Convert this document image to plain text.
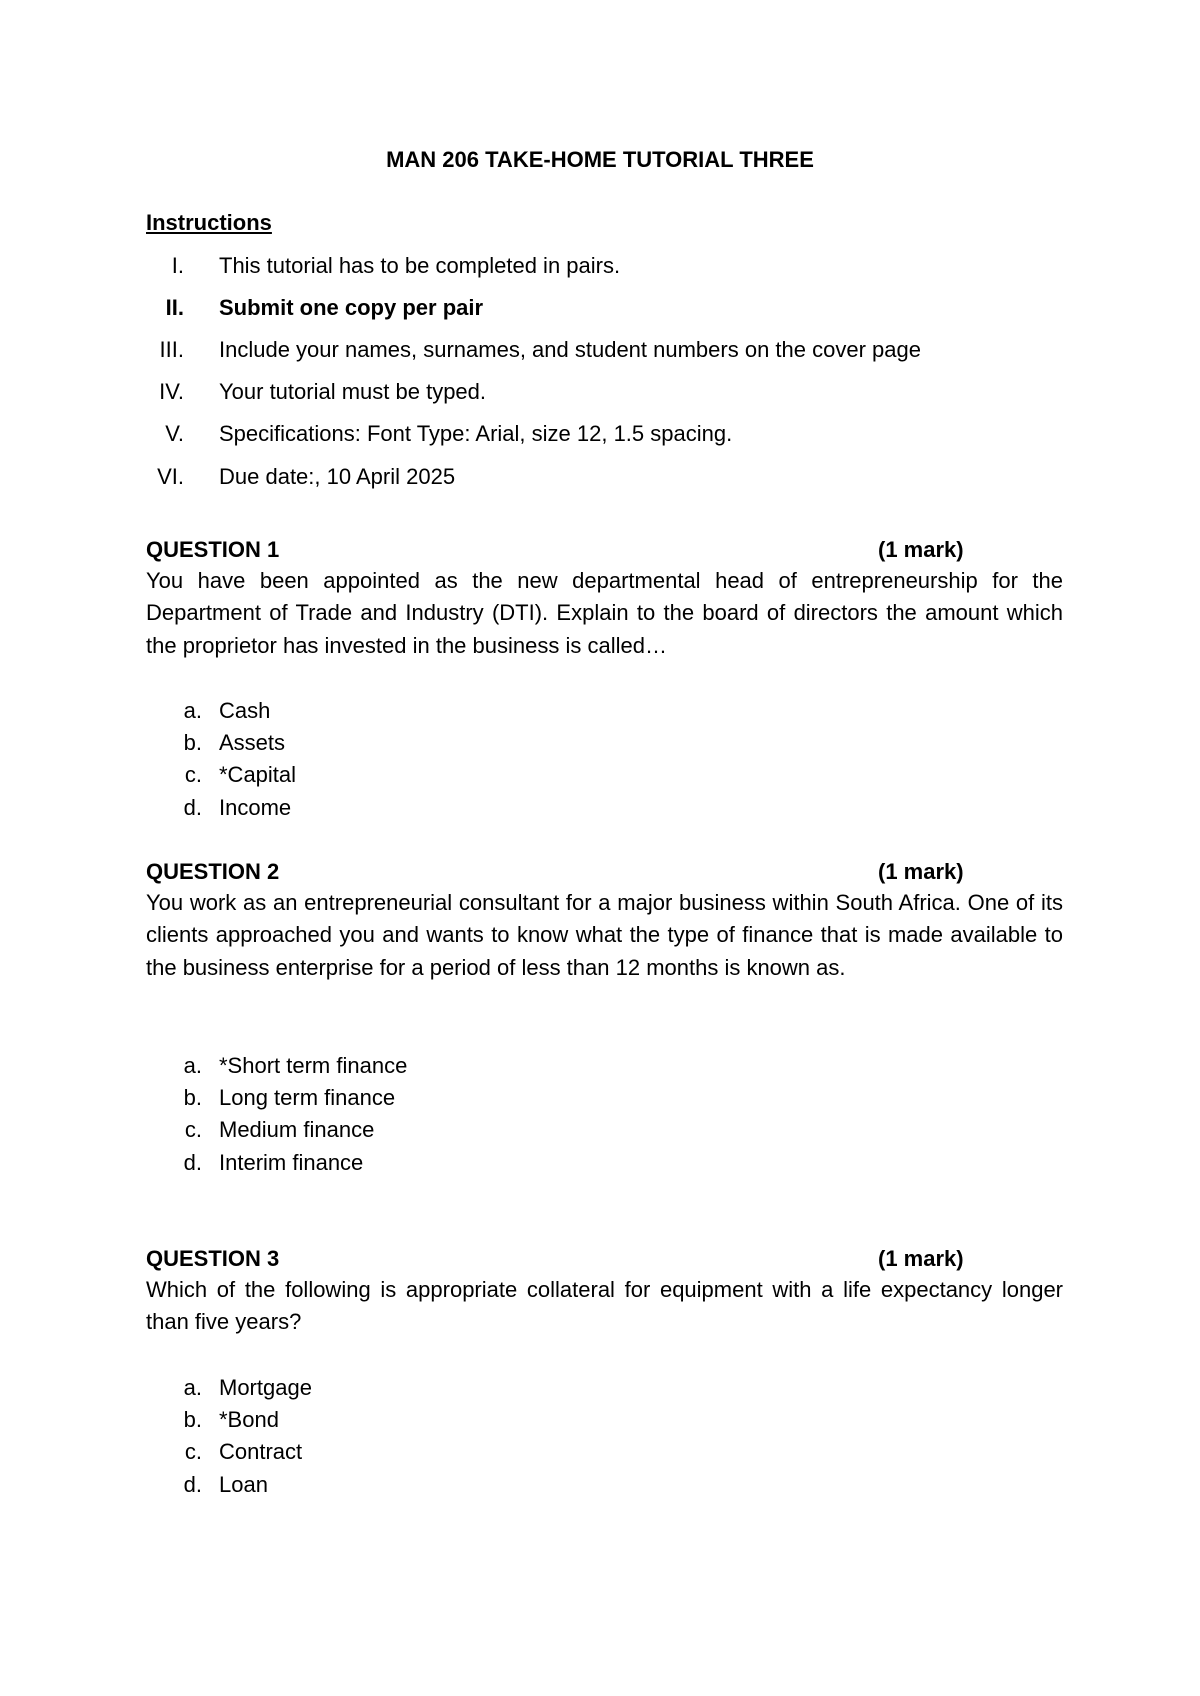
MAN 206 TAKE-HOME TUTORIAL THREE
Instructions
I. This tutorial has to be completed in pairs.
II. Submit one copy per pair
III. Include your names, surnames, and student numbers on the cover page
IV. Your tutorial must be typed.
V. Specifications: Font Type: Arial, size 12, 1.5 spacing.
VI. Due date:, 10 April 2025
QUESTION 1	(1 mark)
You have been appointed as the new departmental head of entrepreneurship for the Department of Trade and Industry (DTI). Explain to the board of directors the amount which the proprietor has invested in the business is called…
a. Cash
b. Assets
c. *Capital
d. Income
QUESTION 2	(1 mark)
You work as an entrepreneurial consultant for a major business within South Africa. One of its clients approached you and wants to know what the type of finance that is made available to the business enterprise for a period of less than 12 months is known as.
a. *Short term finance
b. Long term finance
c. Medium finance
d. Interim finance
QUESTION 3	(1 mark)
Which of the following is appropriate collateral for equipment with a life expectancy longer than five years?
a. Mortgage
b. *Bond
c. Contract
d. Loan
